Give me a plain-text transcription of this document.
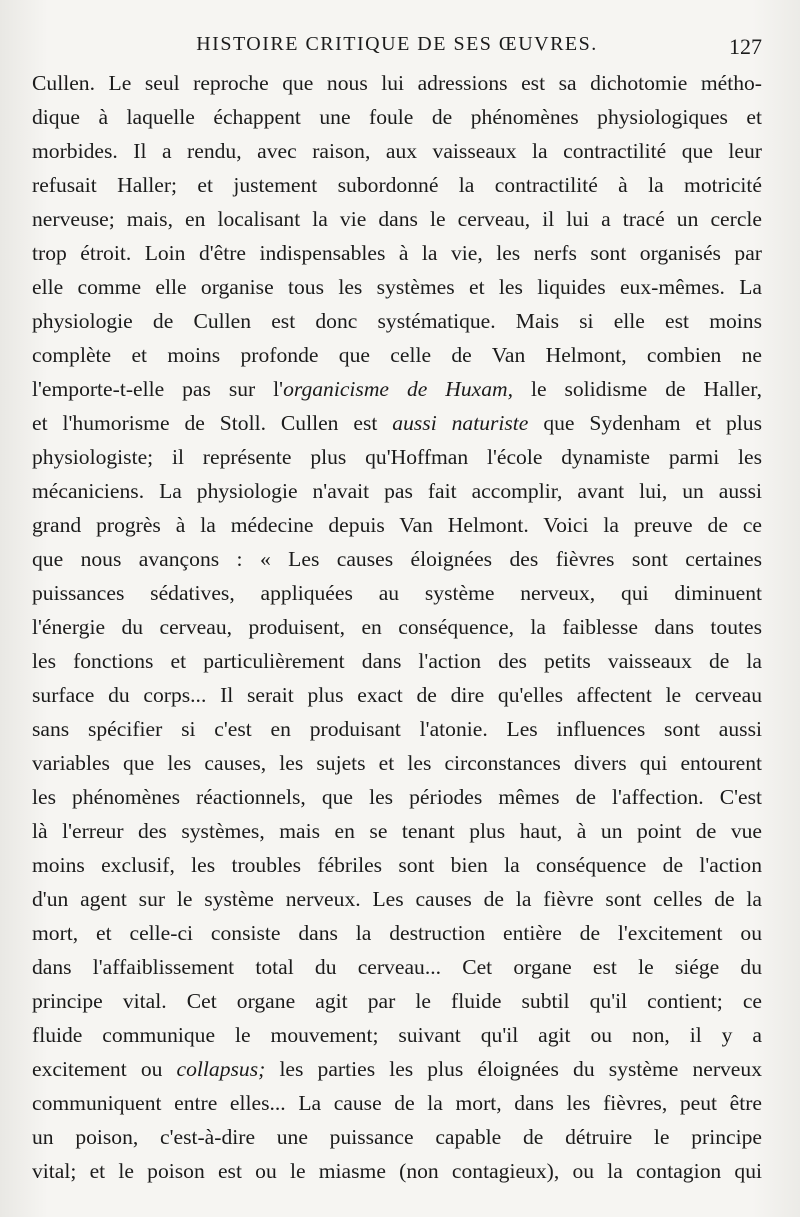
HISTOIRE CRITIQUE DE SES ŒUVRES.	127
Cullen. Le seul reproche que nous lui adressions est sa dichotomie métho-
dique à laquelle échappent une foule de phénomènes physiologiques et
morbides. Il a rendu, avec raison, aux vaisseaux la contractilité que leur
refusait Haller; et justement subordonné la contractilité à la motricité
nerveuse; mais, en localisant la vie dans le cerveau, il lui a tracé un cercle
trop étroit. Loin d'être indispensables à la vie, les nerfs sont organisés par
elle comme elle organise tous les systèmes et les liquides eux-mêmes. La
physiologie de Cullen est donc systématique. Mais si elle est moins
complète et moins profonde que celle de Van Helmont, combien ne
l'emporte-t-elle pas sur l'organicisme de Huxam, le solidisme de Haller,
et l'humorisme de Stoll. Cullen est aussi naturiste que Sydenham et plus
physiologiste; il représente plus qu'Hoffman l'école dynamiste parmi les
mécaniciens. La physiologie n'avait pas fait accomplir, avant lui, un aussi
grand progrès à la médecine depuis Van Helmont. Voici la preuve de ce
que nous avançons : « Les causes éloignées des fièvres sont certaines
puissances sédatives, appliquées au système nerveux, qui diminuent
l'énergie du cerveau, produisent, en conséquence, la faiblesse dans toutes
les fonctions et particulièrement dans l'action des petits vaisseaux de la
surface du corps... Il serait plus exact de dire qu'elles affectent le cerveau
sans spécifier si c'est en produisant l'atonie. Les influences sont aussi
variables que les causes, les sujets et les circonstances divers qui entourent
les phénomènes réactionnels, que les périodes mêmes de l'affection. C'est
là l'erreur des systèmes, mais en se tenant plus haut, à un point de vue
moins exclusif, les troubles fébriles sont bien la conséquence de l'action
d'un agent sur le système nerveux. Les causes de la fièvre sont celles de la
mort, et celle-ci consiste dans la destruction entière de l'excitement ou
dans l'affaiblissement total du cerveau... Cet organe est le siége du
principe vital. Cet organe agit par le fluide subtil qu'il contient; ce
fluide communique le mouvement; suivant qu'il agit ou non, il y a
excitement ou collapsus; les parties les plus éloignées du système nerveux
communiquent entre elles... La cause de la mort, dans les fièvres, peut être
un poison, c'est-à-dire une puissance capable de détruire le principe
vital; et le poison est ou le miasme (non contagieux), ou la contagion qui
